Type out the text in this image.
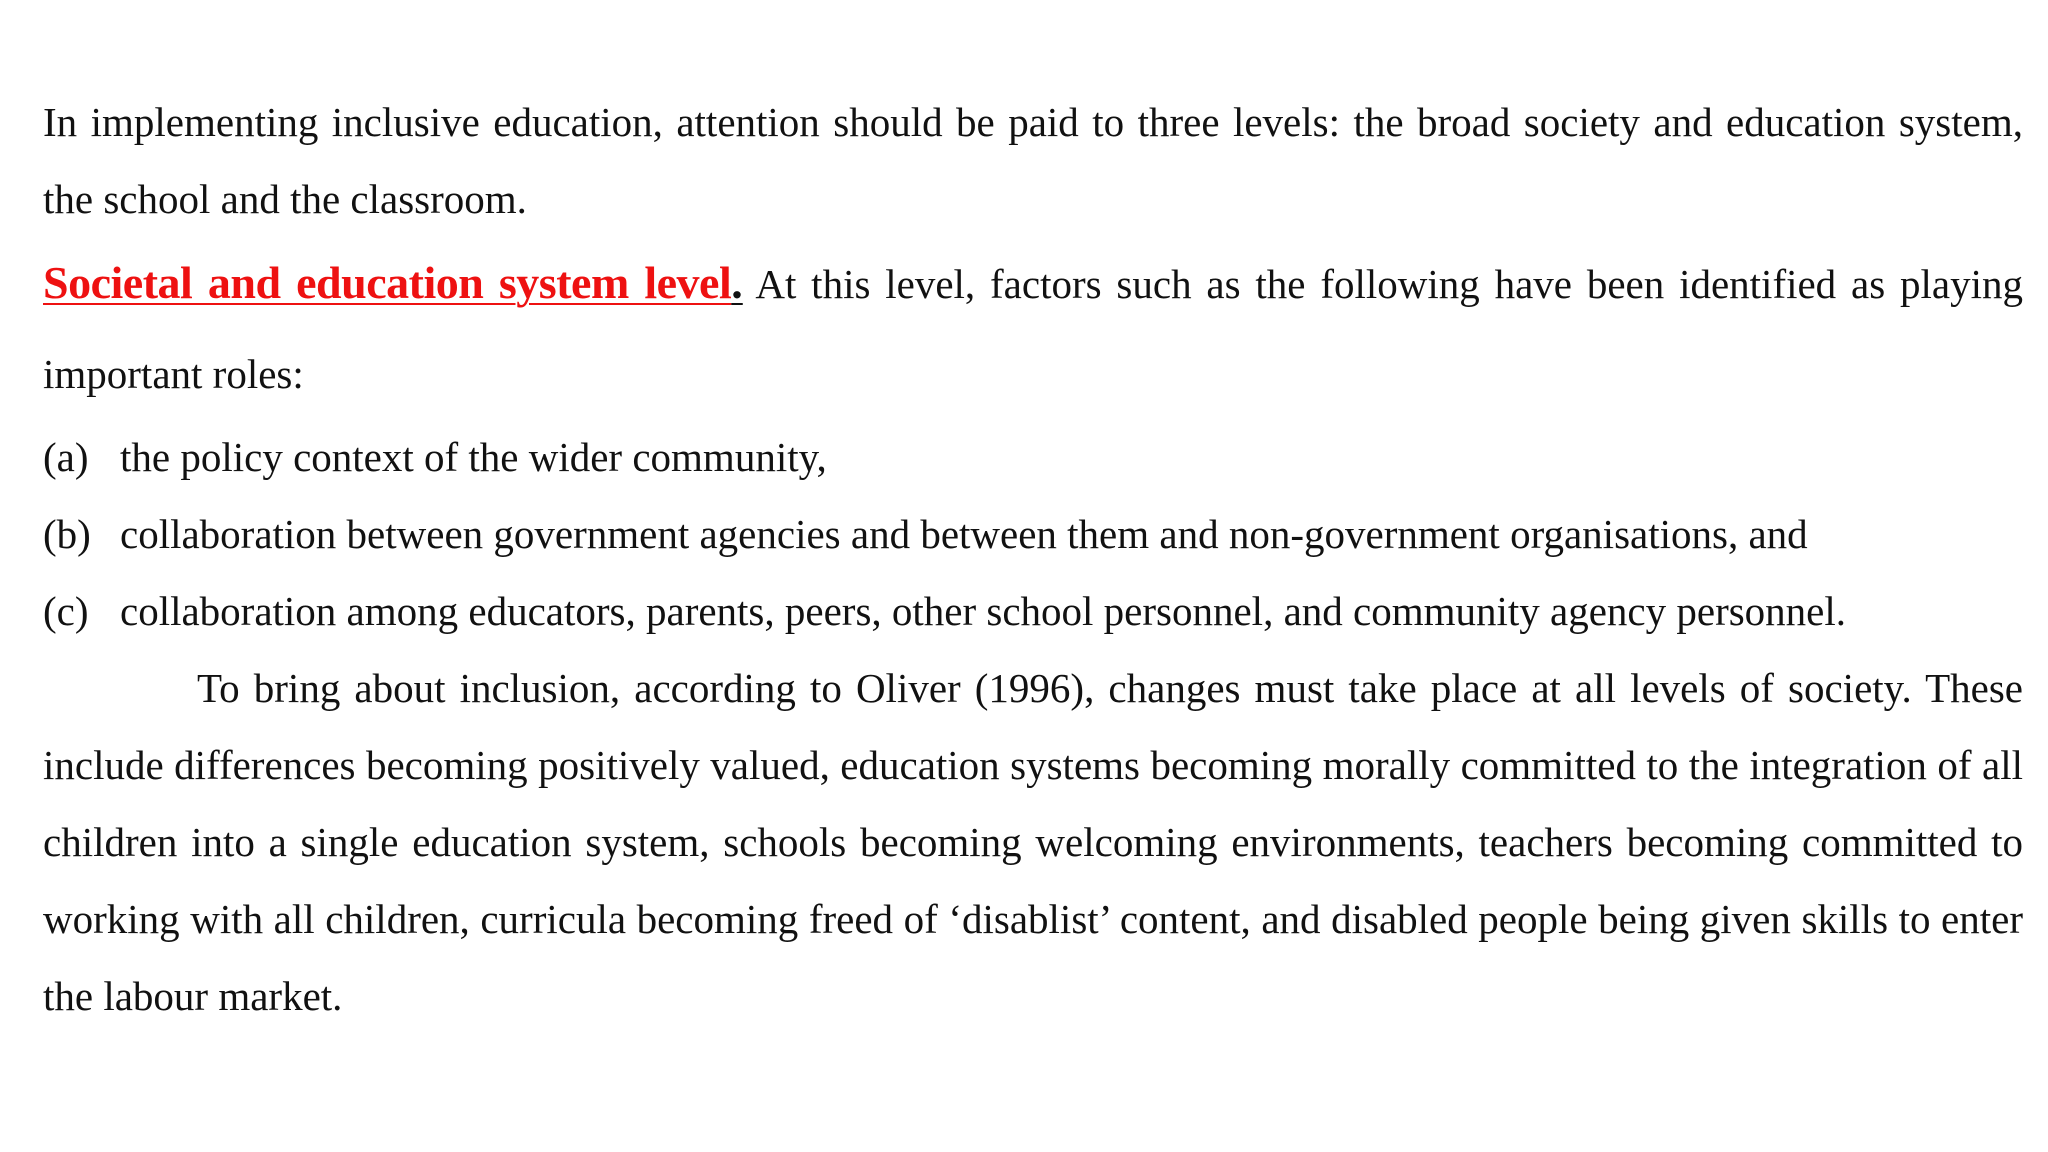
In implementing inclusive education, attention should be paid to three levels: the broad society and education system, the school and the classroom.

Societal and education system level. At this level, factors such as the following have been identified as playing important roles:

(a) the policy context of the wider community,
(b) collaboration between government agencies and between them and non-government organisations, and
(c) collaboration among educators, parents, peers, other school personnel, and community agency personnel.

To bring about inclusion, according to Oliver (1996), changes must take place at all levels of society. These include differences becoming positively valued, education systems becoming morally committed to the integration of all children into a single education system, schools becoming welcoming environments, teachers becoming committed to working with all children, curricula becoming freed of ‘disablist’ content, and disabled people being given skills to enter the labour market.
